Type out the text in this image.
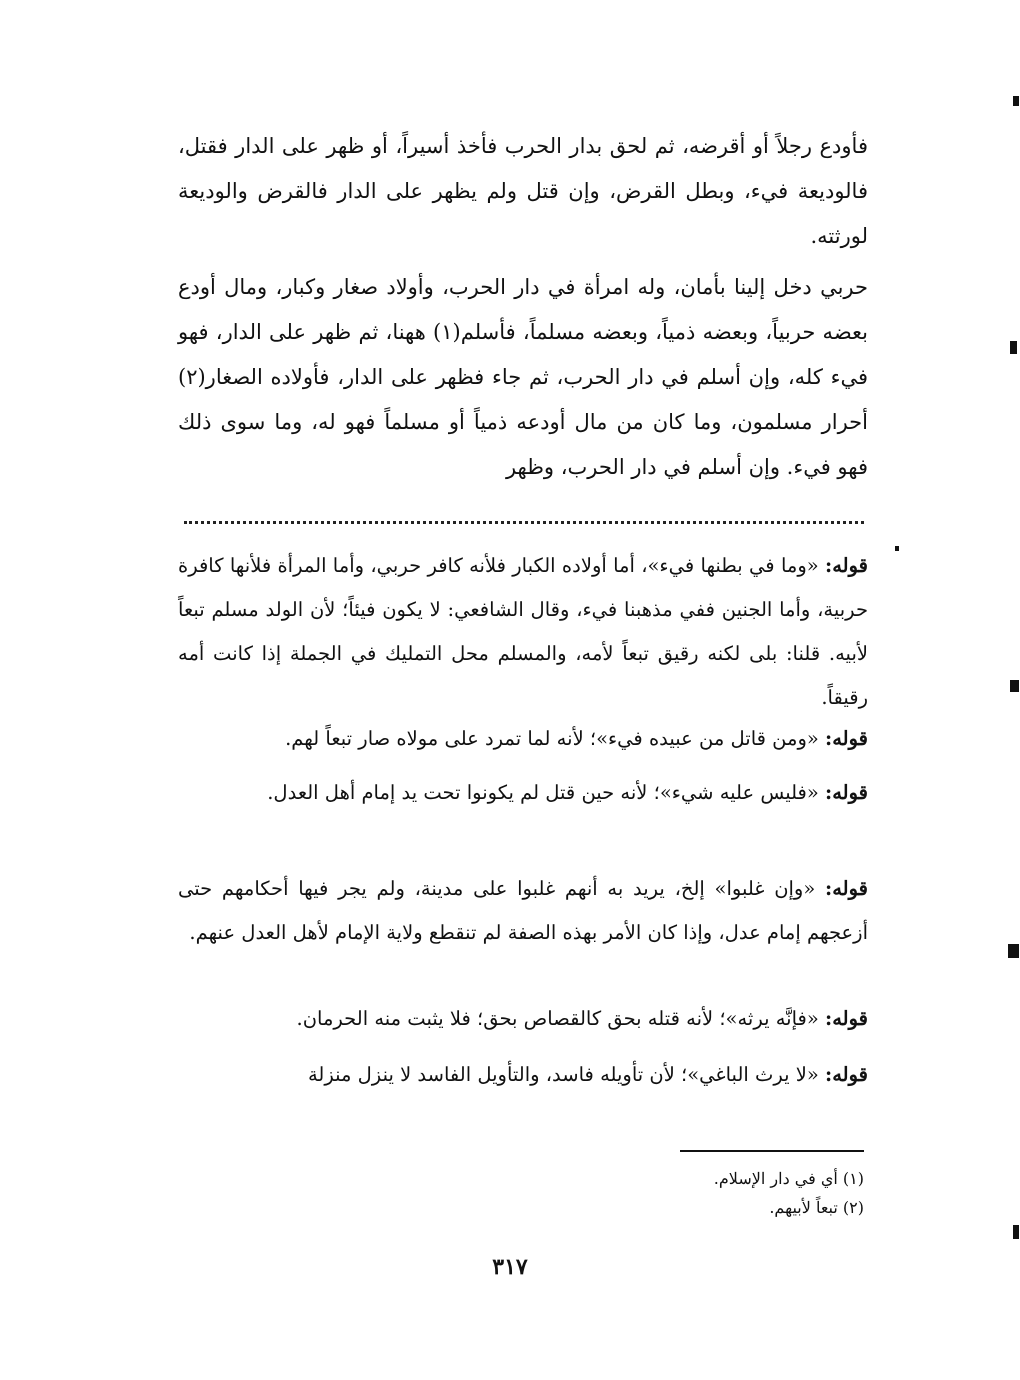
فأودع رجلاً أو أقرضه، ثم لحق بدار الحرب فأخذ أسيراً، أو ظهر على الدار فقتل، فالوديعة فيء، وبطل القرض، وإن قتل ولم يظهر على الدار فالقرض والوديعة لورثته.

حربي دخل إلينا بأمان، وله امرأة في دار الحرب، وأولاد صغار وكبار، ومال أودع بعضه حربياً، وبعضه ذمياً، وبعضه مسلماً، فأسلم(١) ههنا، ثم ظهر على الدار، فهو فيء كله، وإن أسلم في دار الحرب، ثم جاء فظهر على الدار، فأولاده الصغار(٢) أحرار مسلمون، وما كان من مال أودعه ذمياً أو مسلماً فهو له، وما سوى ذلك فهو فيء. وإن أسلم في دار الحرب، وظهر

قوله: «وما في بطنها فيء»، أما أولاده الكبار فلأنه كافر حربي، وأما المرأة فلأنها كافرة حربية، وأما الجنين ففي مذهبنا فيء، وقال الشافعي: لا يكون فيئاً؛ لأن الولد مسلم تبعاً لأبيه. قلنا: بلى لكنه رقيق تبعاً لأمه، والمسلم محل التمليك في الجملة إذا كانت أمه رقيقاً.

قوله: «ومن قاتل من عبيده فيء»؛ لأنه لما تمرد على مولاه صار تبعاً لهم.

قوله: «فليس عليه شيء»؛ لأنه حين قتل لم يكونوا تحت يد إمام أهل العدل.

قوله: «وإن غلبوا» إلخ، يريد به أنهم غلبوا على مدينة، ولم يجر فيها أحكامهم حتى أزعجهم إمام عدل، وإذا كان الأمر بهذه الصفة لم تنقطع ولاية الإمام لأهل العدل عنهم.

قوله: «فإنَّه يرثه»؛ لأنه قتله بحق كالقصاص بحق؛ فلا يثبت منه الحرمان.

قوله: «لا يرث الباغي»؛ لأن تأويله فاسد، والتأويل الفاسد لا ينزل منزلة

(١) أي في دار الإسلام.
(٢) تبعاً لأبيهم.
٣١٧
